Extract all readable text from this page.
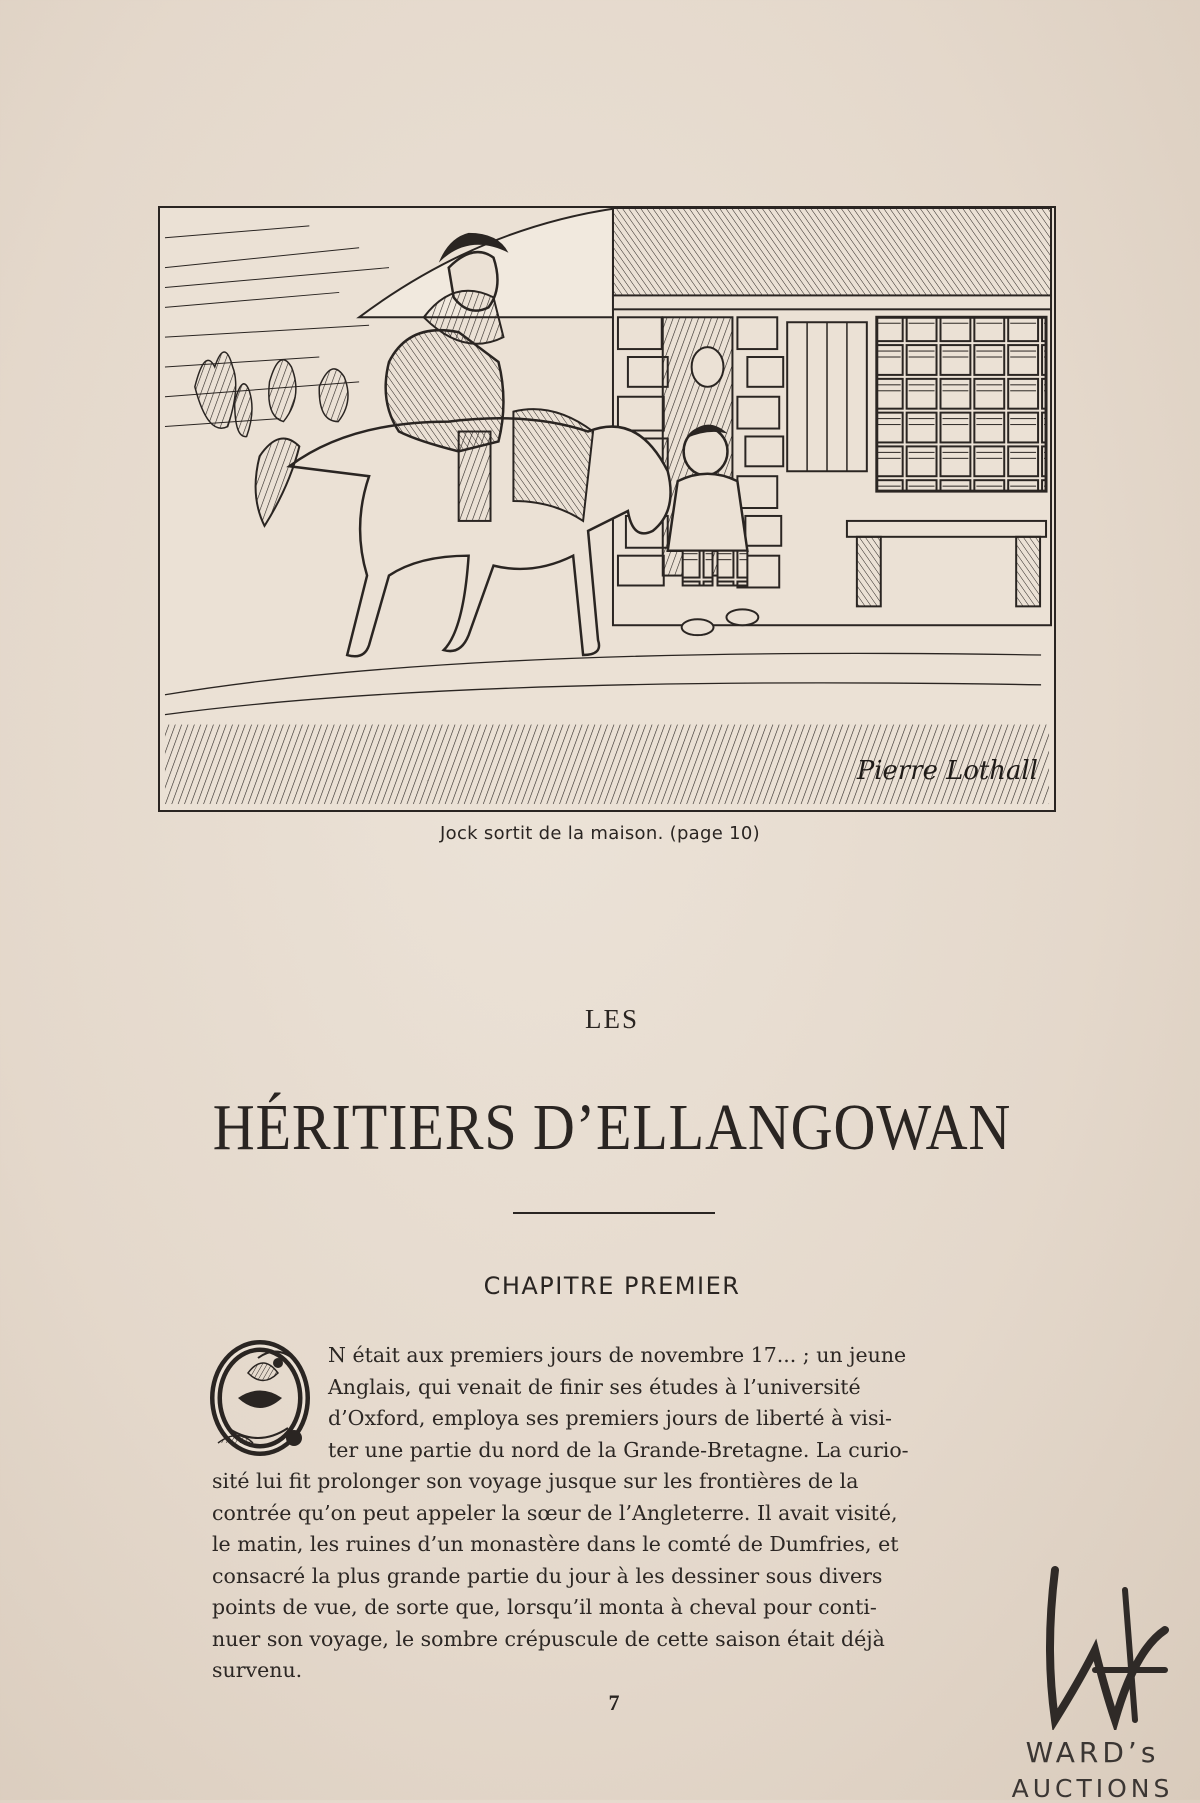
Pierre Lothall
Jock sortit de la maison. (page 10)
LES
HÉRITIERS D’ELLANGOWAN
CHAPITRE PREMIER
N était aux premiers jours de novembre 17... ; un jeune
Anglais, qui venait de finir ses études à l’université
d’Oxford, employa ses premiers jours de liberté à visi-
ter une partie du nord de la Grande-Bretagne. La curio-
sité lui fit prolonger son voyage jusque sur les frontières de la
contrée qu’on peut appeler la sœur de l’Angleterre. Il avait visité,
le matin, les ruines d’un monastère dans le comté de Dumfries, et
consacré la plus grande partie du jour à les dessiner sous divers
points de vue, de sorte que, lorsqu’il monta à cheval pour conti-
nuer son voyage, le sombre crépuscule de cette saison était déjà
survenu.
7
WARD’s
AUCTIONS
